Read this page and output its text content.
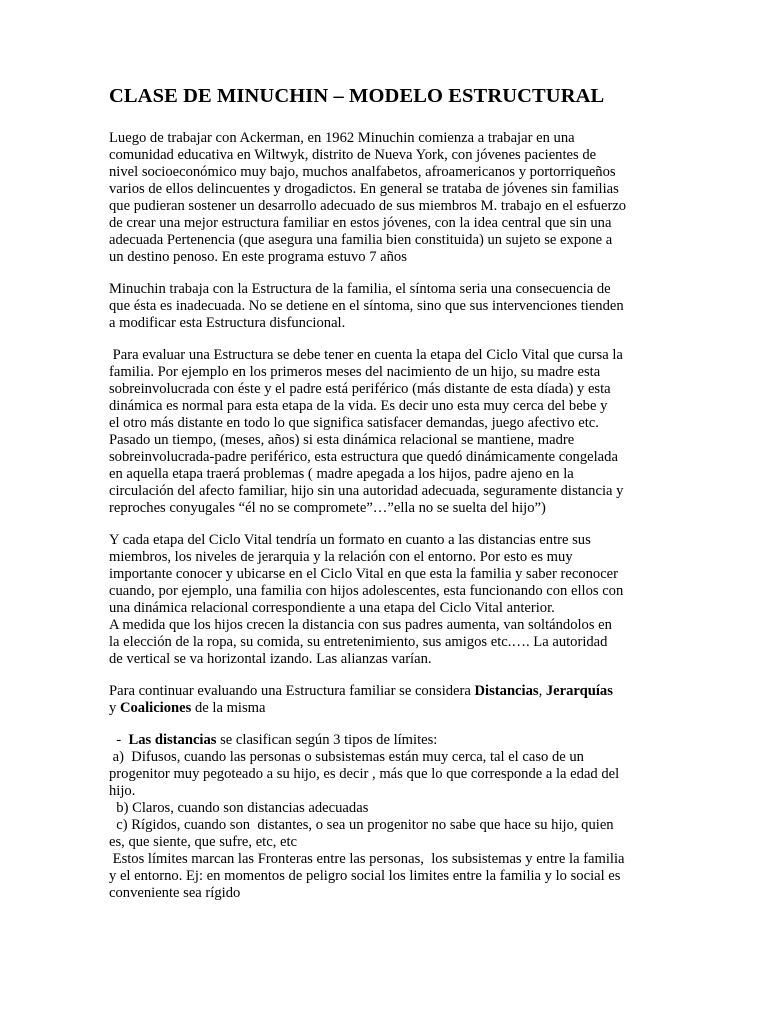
CLASE DE MINUCHIN – MODELO ESTRUCTURAL

Luego de trabajar con Ackerman, en 1962 Minuchin comienza a trabajar en una
comunidad educativa en Wiltwyk, distrito de Nueva York, con jóvenes pacientes de
nivel socioeconómico muy bajo, muchos analfabetos, afroamericanos y portorriqueños
varios de ellos delincuentes y drogadictos. En general se trataba de jóvenes sin familias
que pudieran sostener un desarrollo adecuado de sus miembros M. trabajo en el esfuerzo
de crear una mejor estructura familiar en estos jóvenes, con la idea central que sin una
adecuada Pertenencia (que asegura una familia bien constituida) un sujeto se expone a
un destino penoso. En este programa estuvo 7 años

Minuchin trabaja con la Estructura de la familia, el síntoma seria una consecuencia de
que ésta es inadecuada. No se detiene en el síntoma, sino que sus intervenciones tienden
a modificar esta Estructura disfuncional.

Para evaluar una Estructura se debe tener en cuenta la etapa del Ciclo Vital que cursa la
familia. Por ejemplo en los primeros meses del nacimiento de un hijo, su madre esta
sobreinvolucrada con éste y el padre está periférico (más distante de esta díada) y esta
dinámica es normal para esta etapa de la vida. Es decir uno esta muy cerca del bebe y
el otro más distante en todo lo que significa satisfacer demandas, juego afectivo etc.
Pasado un tiempo, (meses, años) si esta dinámica relacional se mantiene, madre
sobreinvolucrada-padre periférico, esta estructura que quedó dinámicamente congelada
en aquella etapa traerá problemas ( madre apegada a los hijos, padre ajeno en la
circulación del afecto familiar, hijo sin una autoridad adecuada, seguramente distancia y
reproches conyugales “él no se compromete”…”ella no se suelta del hijo”)

Y cada etapa del Ciclo Vital tendría un formato en cuanto a las distancias entre sus
miembros, los niveles de jerarquia y la relación con el entorno. Por esto es muy
importante conocer y ubicarse en el Ciclo Vital en que esta la familia y saber reconocer
cuando, por ejemplo, una familia con hijos adolescentes, esta funcionando con ellos con
una dinámica relacional correspondiente a una etapa del Ciclo Vital anterior.
A medida que los hijos crecen la distancia con sus padres aumenta, van soltándolos en
la elección de la ropa, su comida, su entretenimiento, sus amigos etc.…. La autoridad
de vertical se va horizontal izando. Las alianzas varían.

Para continuar evaluando una Estructura familiar se considera Distancias, Jerarquías
y Coaliciones de la misma

-  Las distancias se clasifican según 3 tipos de límites:
a)  Difusos, cuando las personas o subsistemas están muy cerca, tal el caso de un
progenitor muy pegoteado a su hijo, es decir , más que lo que corresponde a la edad del
hijo.
b) Claros, cuando son distancias adecuadas
c) Rígidos, cuando son  distantes, o sea un progenitor no sabe que hace su hijo, quien
es, que siente, que sufre, etc, etc
Estos límites marcan las Fronteras entre las personas,  los subsistemas y entre la familia
y el entorno. Ej: en momentos de peligro social los limites entre la familia y lo social es
conveniente sea rígido
